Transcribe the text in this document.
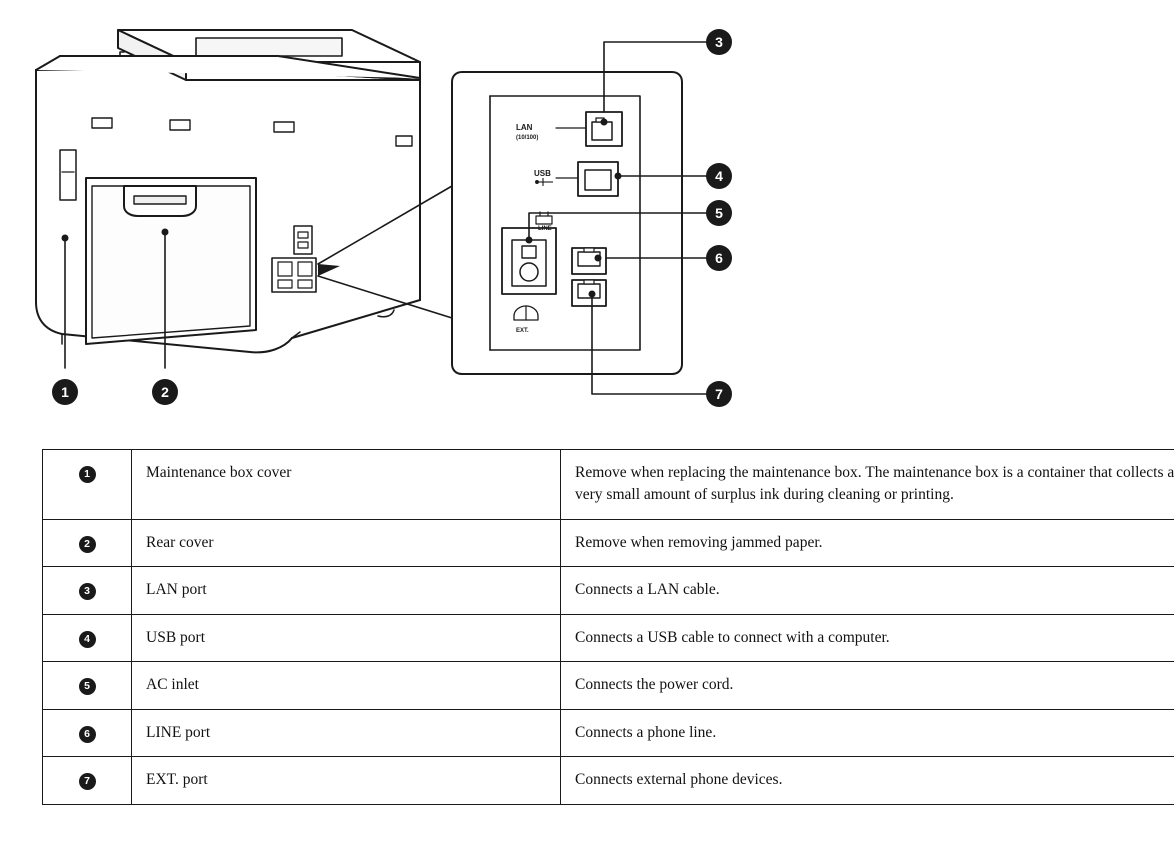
LAN
(10/100)
USB
LINE
EXT.
1	2
3
4
5
6
7
1	Maintenance box cover	Remove when replacing the maintenance box. The maintenance box is a container that collects a very small amount of surplus ink during cleaning or printing.
2	Rear cover	Remove when removing jammed paper.
3	LAN port	Connects a LAN cable.
4	USB port	Connects a USB cable to connect with a computer.
5	AC inlet	Connects the power cord.
6	LINE port	Connects a phone line.
7	EXT. port	Connects external phone devices.
